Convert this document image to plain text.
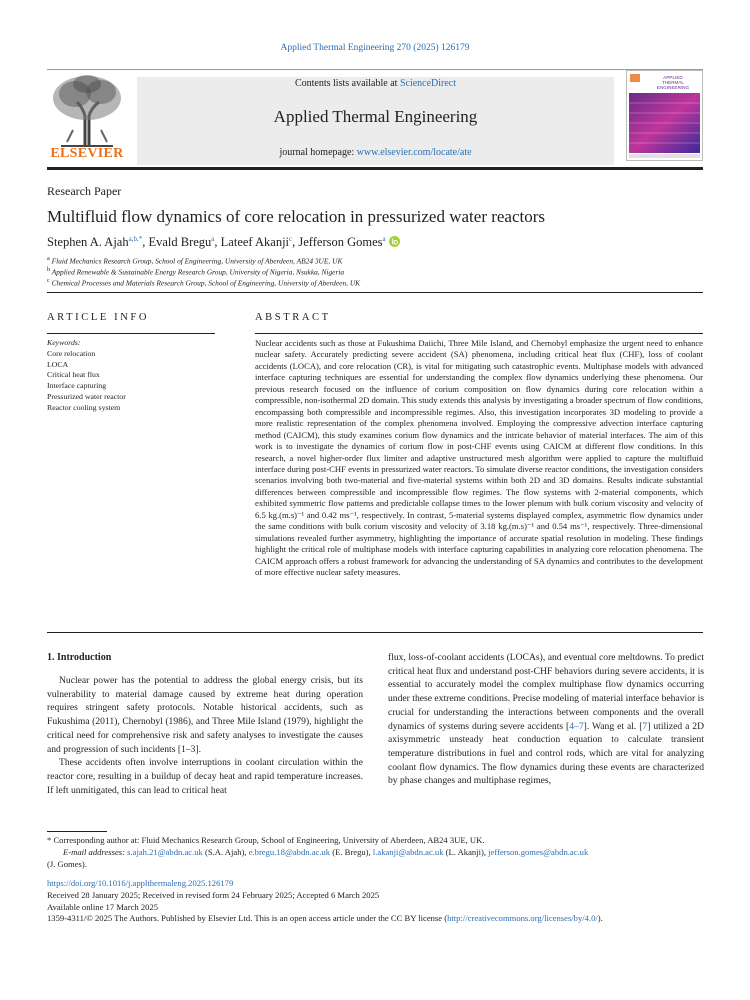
Applied Thermal Engineering 270 (2025) 126179
ELSEVIER
Contents lists available at ScienceDirect
Applied Thermal Engineering
journal homepage: www.elsevier.com/locate/ate
APPLIED
THERMAL
ENGINEERING
Research Paper
Multifluid flow dynamics of core relocation in pressurized water reactors
Stephen A. Ajah$^{a,b,*}$, Evald Bregu$^a$, Lateef Akanji$^c$, Jefferson Gomes$^a$
$^a$ Fluid Mechanics Research Group, School of Engineering, University of Aberdeen, AB24 3UE, UK
$^b$ Applied Renewable & Sustainable Energy Research Group, University of Nigeria, Nsukka, Nigeria
$^c$ Chemical Processes and Materials Research Group, School of Engineering, University of Aberdeen, UK
ARTICLE INFO	ABSTRACT
Keywords:
Core relocation
LOCA
Critical heat flux
Interface capturing
Pressurized water reactor
Reactor cooling system
Nuclear accidents such as those at Fukushima Daiichi, Three Mile Island, and Chernobyl emphasize the urgent need to enhance nuclear safety. Accurately predicting severe accident (SA) phenomena, including critical heat flux (CHF), loss of coolant accidents (LOCA), and core relocation (CR), is vital for mitigating such catastrophic events. Multiphase models with advanced interface capturing techniques are essential for understanding the complex flow dynamics underlying these phenomena. Our previous research focused on the influence of corium composition on flow dynamics during core relocation within a compressible, non-isothermal 2D domain. This study extends this analysis by investigating a broader spectrum of flow conditions, encompassing both compressible and incompressible regimes. Also, this investigation incorporates 3D modeling to provide a more realistic representation of the complex phenomena involved. Employing the compressive advection interface capturing method (CAICM), this study examines corium flow dynamics and the intricate behavior of material interfaces. The aim of this work is to investigate the dynamics of corium flow in post-CHF events using CAICM at different flow conditions. In this research, a novel higher-order flux limiter and adaptive unstructured mesh algorithm were applied to capture the multifluid interface during post-CHF events in pressurized water reactors. To simulate diverse reactor conditions, the investigation considers scenarios involving both two-material and five-material systems within both 2D and 3D domains. Results indicate substantial differences between compressible and incompressible flow regimes. The flow systems with 2-material components, which exhibited symmetric flow patterns and predictable collapse times to the lower plenum with bulk corium viscosity and velocity of 6.5 kg.(m.s)⁻¹ and 0.42 ms⁻¹, respectively. In contrast, 5-material systems displayed complex, asymmetric flow dynamics under the same conditions with bulk corium viscosity and velocity of 3.18 kg.(m.s)⁻¹ and 0.54 ms⁻¹, respectively. Three-dimensional simulations revealed further asymmetry, highlighting the importance of accurate spatial resolution in modeling. These findings highlight the critical role of multiphase models with interface capturing capabilities in analyzing core relocation phenomena. The CAICM approach offers a robust framework for advancing the understanding of SA dynamics and contributes to the development of more effective nuclear safety measures.
1. Introduction

Nuclear power has the potential to address the global energy crisis, but its vulnerability to material damage caused by extreme heat during operation requires stringent safety protocols. Notable historical accidents, such as Fukushima (2011), Chernobyl (1986), and Three Mile Island (1979), highlight the critical need for comprehensive risk and safety analyses to investigate the causes and progression of such incidents [1–3].

These accidents often involve interruptions in coolant circulation within the reactor core, resulting in a buildup of decay heat and rapid temperature increases. If left unmitigated, this can lead to critical heat

flux, loss-of-coolant accidents (LOCAs), and eventual core meltdowns. To predict critical heat flux and understand post-CHF behaviors during severe accidents, it is essential to accurately model the complex multiphase flow dynamics occurring under these extreme conditions. Precise modeling of material interface behavior is crucial for understanding the interactions between components and the overall dynamics of systems during severe accidents [4–7]. Wang et al. [7] utilized a 2D axisymmetric unsteady heat conduction equation to calculate transient temperature distributions in fuel and control rods, which are vital for analyzing coolant flow dynamics. The flow dynamics during these events are characterized by phase changes and multiphase regimes,

* Corresponding author at: Fluid Mechanics Research Group, School of Engineering, University of Aberdeen, AB24 3UE, UK.
E-mail addresses: s.ajah.21@abdn.ac.uk (S.A. Ajah), e.bregu.18@abdn.ac.uk (E. Bregu), l.akanji@abdn.ac.uk (L. Akanji), jefferson.gomes@abdn.ac.uk
(J. Gomes).
https://doi.org/10.1016/j.applthermaleng.2025.126179
Received 28 January 2025; Received in revised form 24 February 2025; Accepted 6 March 2025
Available online 17 March 2025
1359-4311/© 2025 The Authors. Published by Elsevier Ltd. This is an open access article under the CC BY license (http://creativecommons.org/licenses/by/4.0/).
